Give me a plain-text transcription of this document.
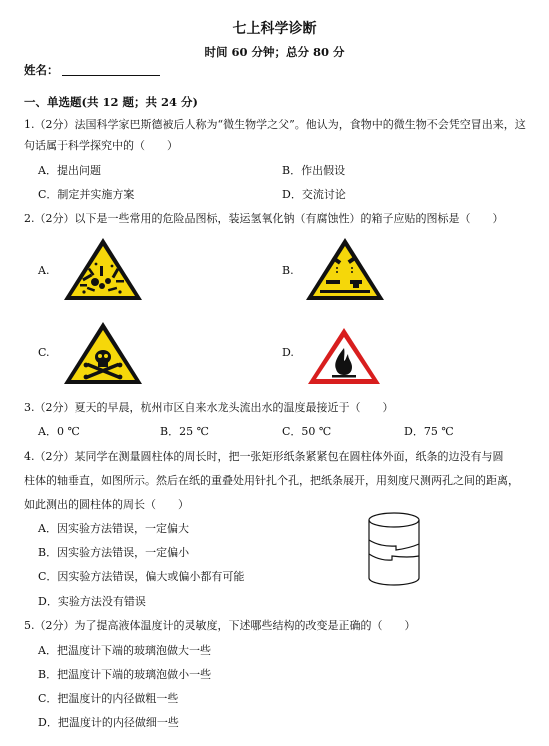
七上科学诊断
时间 60 分钟；总分 80 分
姓名：
一、单选题(共 12 题；共 24 分)
1.（2分）法国科学家巴斯德被后人称为“微生物学之父”。他认为，食物中的微生物不会凭空冒出来，这
句话属于科学探究中的（　　）
A．提出问题	B．作出假设
C．制定并实施方案	D．交流讨论
2.（2分）以下是一些常用的危险品图标，装运氢氧化钠（有腐蚀性）的箱子应贴的图标是（　　）
A.	B.
C.	D.
3.（2分）夏天的早晨，杭州市区自来水龙头流出水的温度最接近于（　　）
A．0 ℃	B．25 ℃	C．50 ℃	D．75 ℃
4.（2分）某同学在测量圆柱体的周长时，把一张矩形纸条紧紧包在圆柱体外面，纸条的边没有与圆
柱体的轴垂直，如图所示。然后在纸的重叠处用针扎个孔，把纸条展开，用刻度尺测两孔之间的距离，
如此测出的圆柱体的周长（　　）
A．因实验方法错误，一定偏大
B．因实验方法错误，一定偏小
C．因实验方法错误，偏大或偏小都有可能
D．实验方法没有错误
5.（2分）为了提高液体温度计的灵敏度，下述哪些结构的改变是正确的（　　）
A．把温度计下端的玻璃泡做大一些
B．把温度计下端的玻璃泡做小一些
C．把温度计的内径做粗一些
D．把温度计的内径做细一些
